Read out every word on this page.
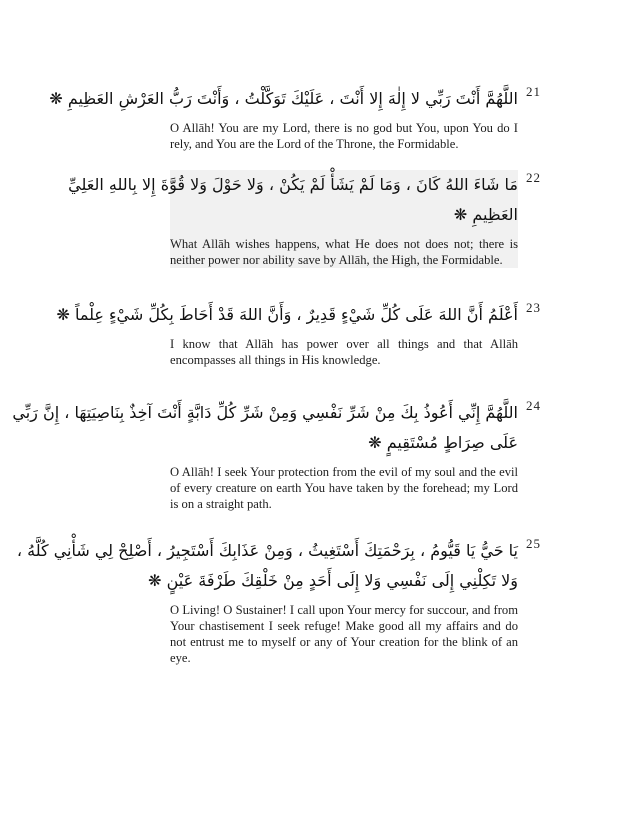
21
اللَّهُمَّ أَنْتَ رَبِّي لا إِلٰهَ إِلا أَنْتَ ، عَلَيْكَ تَوَكَّلْتُ ، وَأَنْتَ رَبُّ العَرْشِ العَظِيمِ ❋
O Allāh! You are my Lord, there is no god but You, upon You do I rely, and You are the Lord of the Throne, the Formidable.
22
مَا شَاءَ اللهُ كَانَ ، وَمَا لَمْ يَشَأْ لَمْ يَكُنْ ، وَلا حَوْلَ وَلا قُوَّةَ إِلا بِاللهِ العَلِيِّ
العَظِيمِ ❋
What Allāh wishes happens, what He does not does not; there is neither power nor ability save by Allāh, the High, the Formidable.
23
أَعْلَمُ أَنَّ اللهَ عَلَى كُلِّ شَيْءٍ قَدِيرٌ ، وَأَنَّ اللهَ قَدْ أَحَاطَ بِكُلِّ شَيْءٍ عِلْماً ❋
I know that Allāh has power over all things and that Allāh encompasses all things in His knowledge.
24
اللَّهُمَّ إِنِّي أَعُوذُ بِكَ مِنْ شَرِّ نَفْسِي وَمِنْ شَرِّ كُلِّ دَابَّةٍ أَنْتَ آخِذٌ بِنَاصِيَتِهَا ، إِنَّ رَبِّي
عَلَى صِرَاطٍ مُسْتَقِيمٍ ❋
O Allāh! I seek Your protection from the evil of my soul and the evil of every creature on earth You have taken by the forehead; my Lord is on a straight path.
25
يَا حَيُّ يَا قَيُّومُ ، بِرَحْمَتِكَ أَسْتَغِيثُ ، وَمِنْ عَذَابِكَ أَسْتَجِيرُ ، أَصْلِحْ لِي شَأْنِي كُلَّهُ ،
وَلا تَكِلْنِي إِلَى نَفْسِي وَلا إِلَى أَحَدٍ مِنْ خَلْقِكَ طَرْفَةَ عَيْنٍ ❋
O Living! O Sustainer! I call upon Your mercy for succour, and from Your chastisement I seek refuge! Make good all my affairs and do not entrust me to myself or any of Your creation for the blink of an eye.
